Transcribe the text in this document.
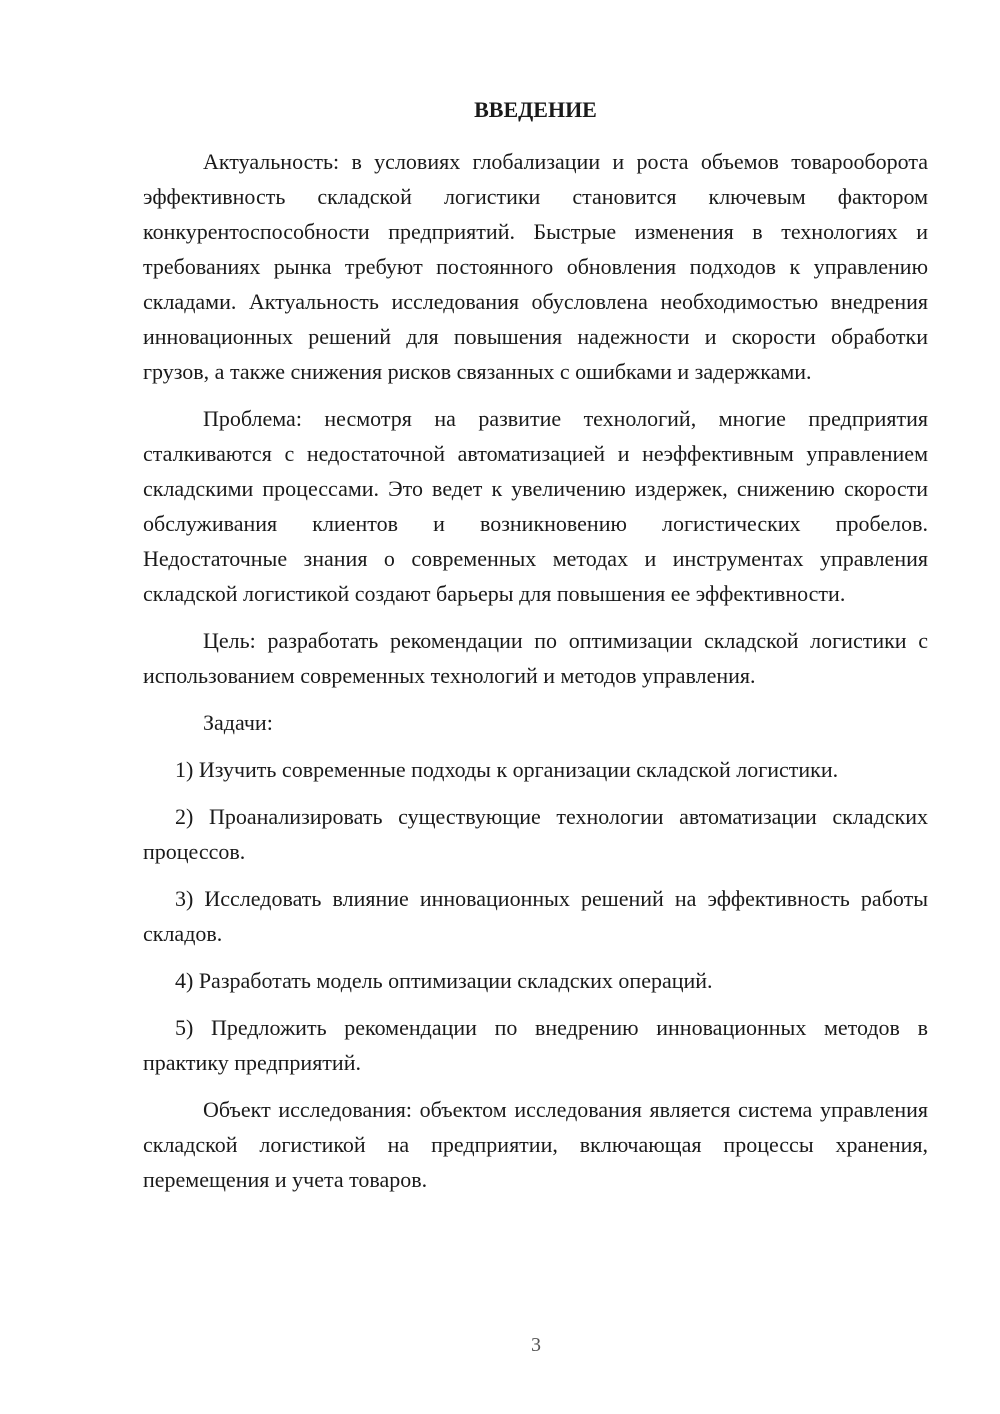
ВВЕДЕНИЕ

Актуальность: в условиях глобализации и роста объемов товарооборота эффективность складской логистики становится ключевым фактором конкурентоспособности предприятий. Быстрые изменения в технологиях и требованиях рынка требуют постоянного обновления подходов к управлению складами. Актуальность исследования обусловлена необходимостью внедрения инновационных решений для повышения надежности и скорости обработки грузов, а также снижения рисков связанных с ошибками и задержками.

Проблема: несмотря на развитие технологий, многие предприятия сталкиваются с недостаточной автоматизацией и неэффективным управлением складскими процессами. Это ведет к увеличению издержек, снижению скорости обслуживания клиентов и возникновению логистических пробелов. Недостаточные знания о современных методах и инструментах управления складской логистикой создают барьеры для повышения ее эффективности.

Цель: разработать рекомендации по оптимизации складской логистики с использованием современных технологий и методов управления.

Задачи:

1) Изучить современные подходы к организации складской логистики.

2) Проанализировать существующие технологии автоматизации складских процессов.

3) Исследовать влияние инновационных решений на эффективность работы складов.

4) Разработать модель оптимизации складских операций.

5) Предложить рекомендации по внедрению инновационных методов в практику предприятий.

Объект исследования: объектом исследования является система управления складской логистикой на предприятии, включающая процессы хранения, перемещения и учета товаров.

3
